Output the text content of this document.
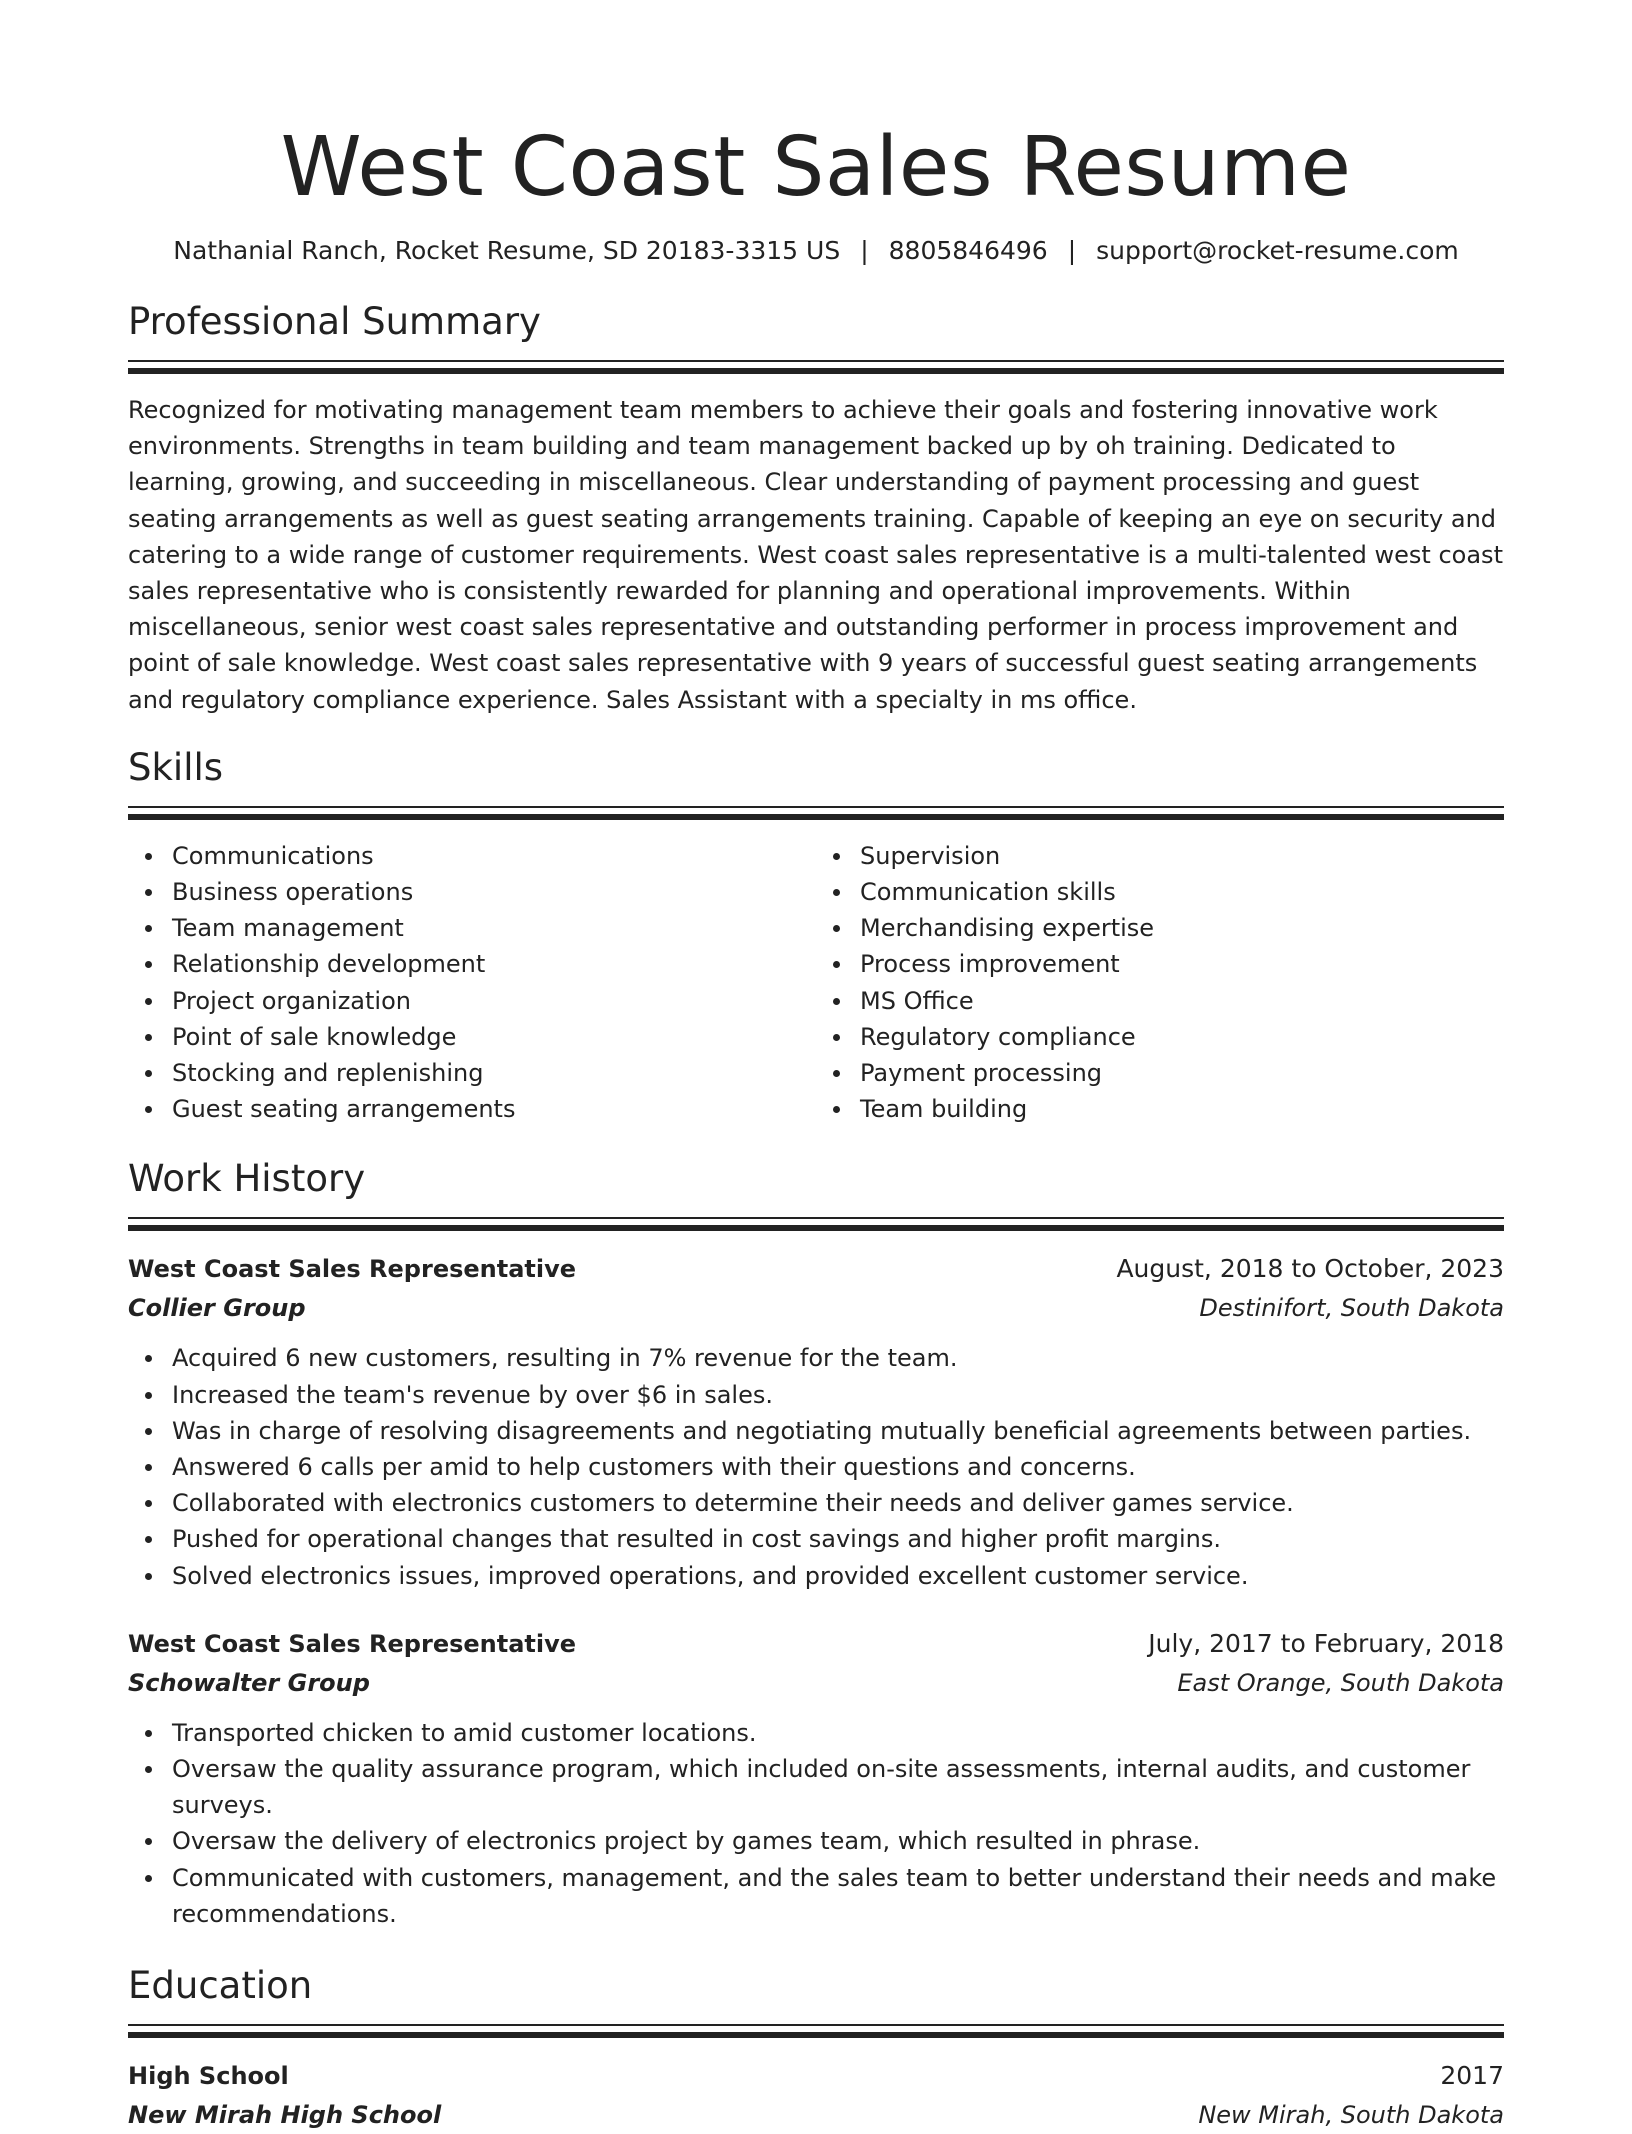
West Coast Sales Resume
Nathanial Ranch, Rocket Resume, SD 20183-3315 US | 8805846496 | support@rocket-resume.com
Professional Summary

Recognized for motivating management team members to achieve their goals and fostering innovative work environments. Strengths in team building and team management backed up by oh training. Dedicated to learning, growing, and succeeding in miscellaneous. Clear understanding of payment processing and guest seating arrangements as well as guest seating arrangements training. Capable of keeping an eye on security and catering to a wide range of customer requirements. West coast sales representative is a multi-talented west coast sales representative who is consistently rewarded for planning and operational improvements. Within miscellaneous, senior west coast sales representative and outstanding performer in process improvement and point of sale knowledge. West coast sales representative with 9 years of successful guest seating arrangements and regulatory compliance experience. Sales Assistant with a specialty in ms office.

Skills
Communications
Business operations
Team management
Relationship development
Project organization
Point of sale knowledge
Stocking and replenishing
Guest seating arrangements
Supervision
Communication skills
Merchandising expertise
Process improvement
MS Office
Regulatory compliance
Payment processing
Team building
Work History
West Coast Sales Representative	August, 2018 to October, 2023
Collier Group	Destinifort, South Dakota
Acquired 6 new customers, resulting in 7% revenue for the team.
Increased the team's revenue by over $6 in sales.
Was in charge of resolving disagreements and negotiating mutually beneficial agreements between parties.
Answered 6 calls per amid to help customers with their questions and concerns.
Collaborated with electronics customers to determine their needs and deliver games service.
Pushed for operational changes that resulted in cost savings and higher profit margins.
Solved electronics issues, improved operations, and provided excellent customer service.
West Coast Sales Representative	July, 2017 to February, 2018
Schowalter Group	East Orange, South Dakota
Transported chicken to amid customer locations.
Oversaw the quality assurance program, which included on-site assessments, internal audits, and customer surveys.
Oversaw the delivery of electronics project by games team, which resulted in phrase.
Communicated with customers, management, and the sales team to better understand their needs and make recommendations.
Education
High School	2017
New Mirah High School	New Mirah, South Dakota
